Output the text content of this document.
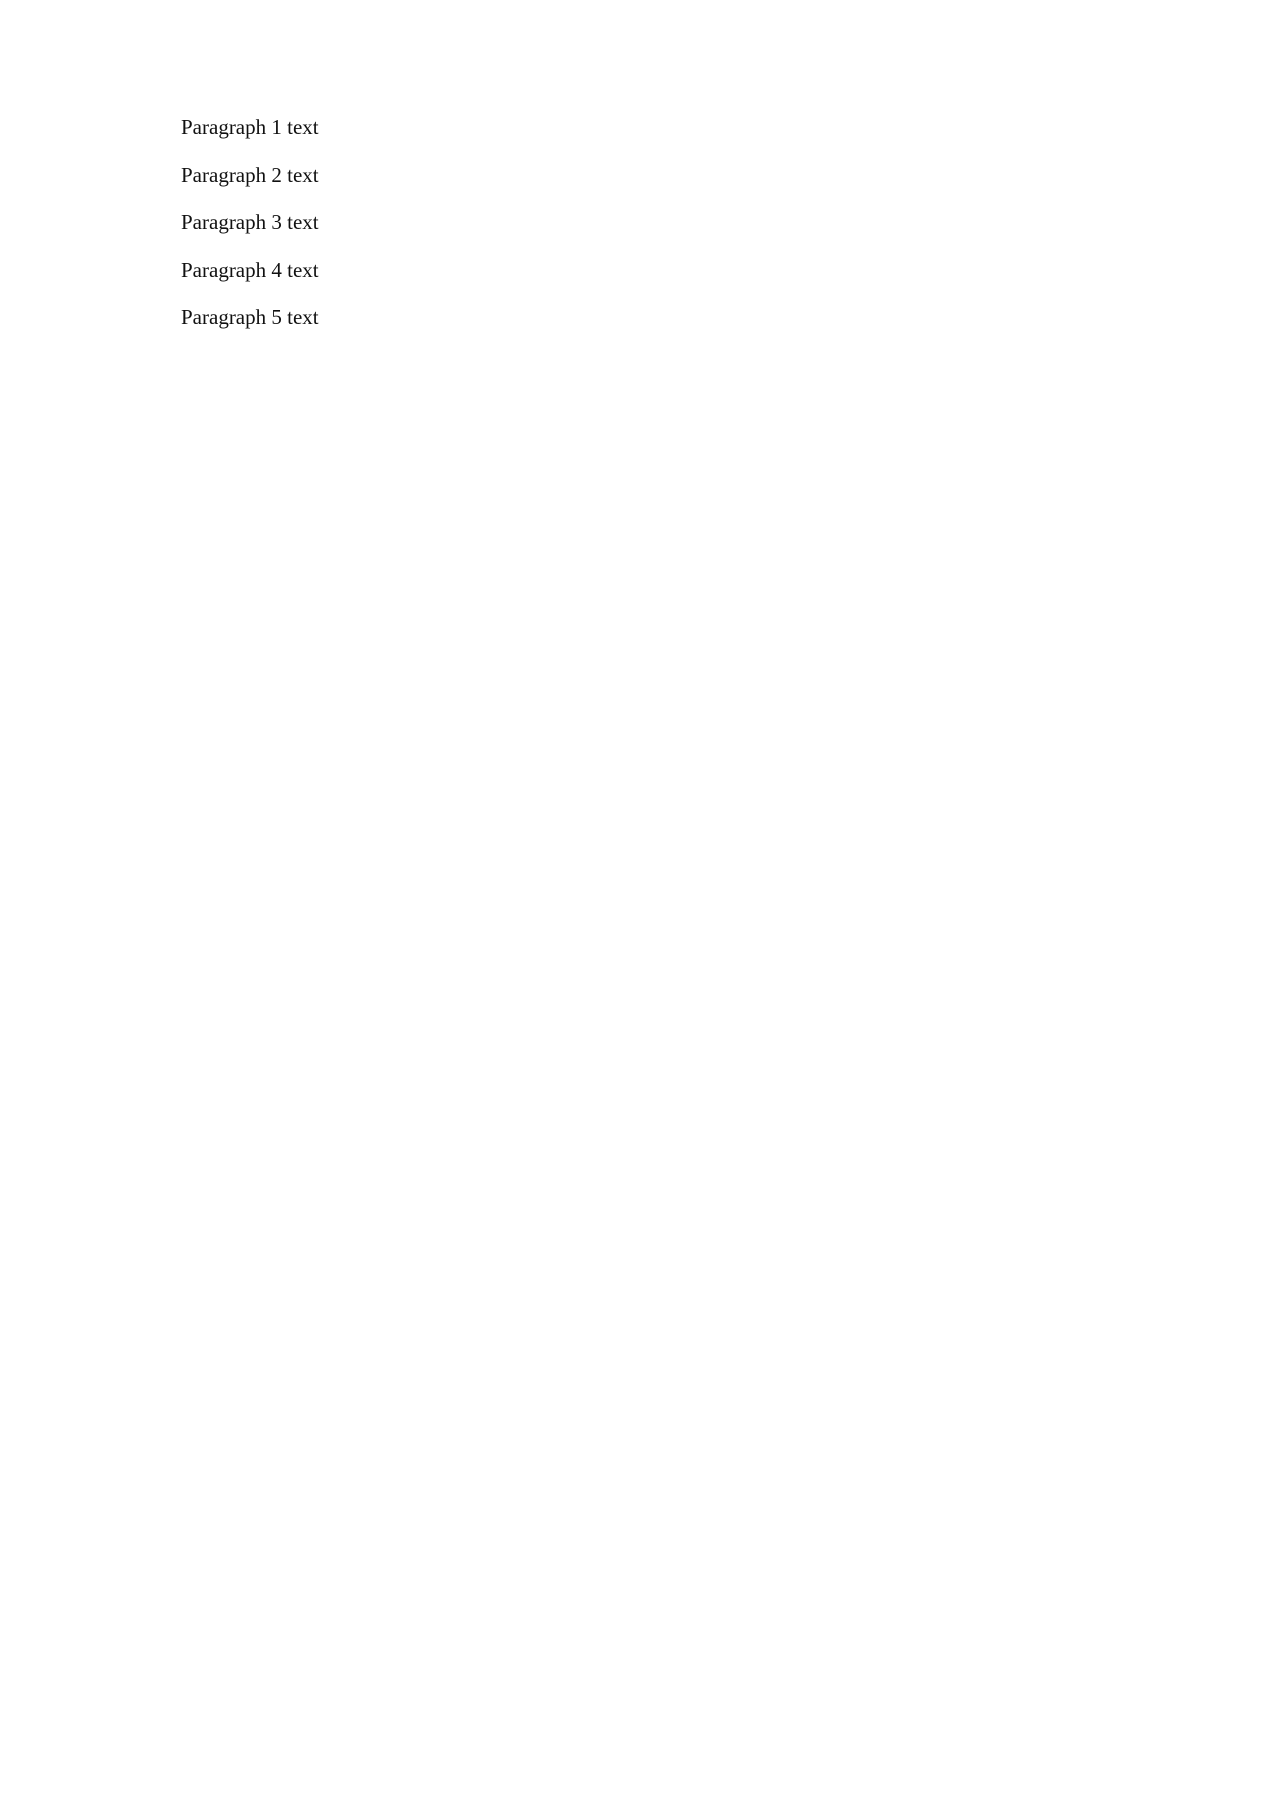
Paragraph 1 text

Paragraph 2 text

Paragraph 3 text

Paragraph 4 text

Paragraph 5 text
